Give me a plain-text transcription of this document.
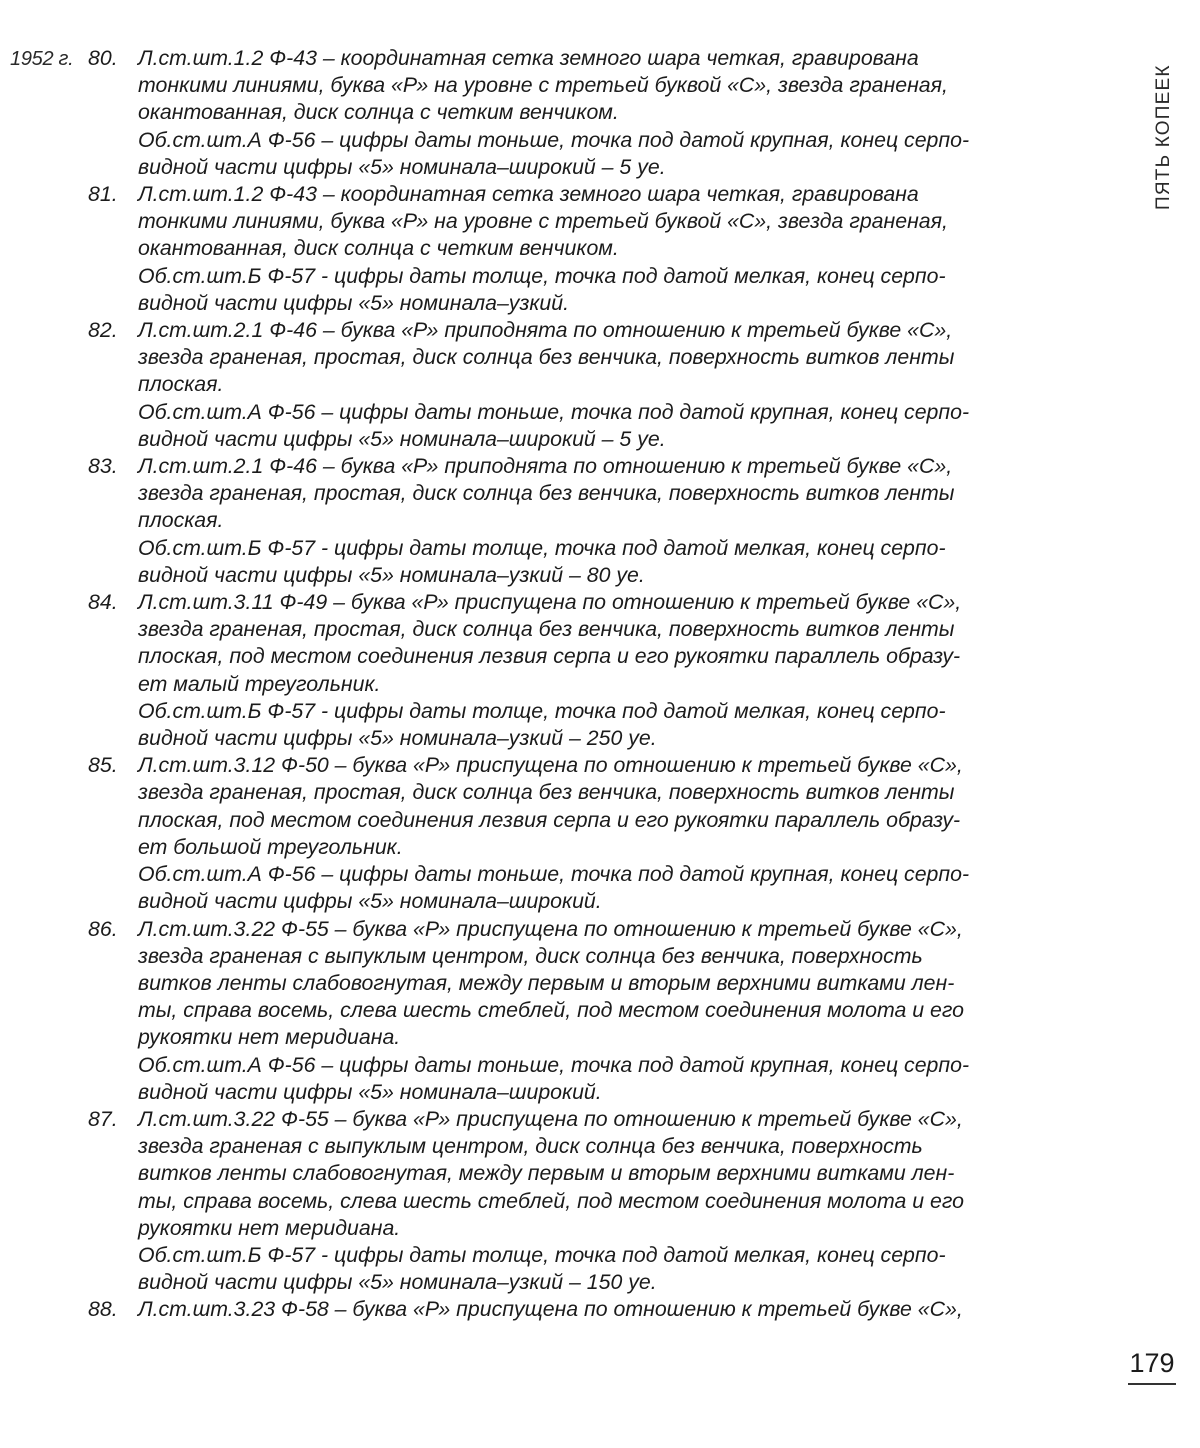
1952 г.
ПЯТЬ КОПЕЕК
80. Л.ст.шт.1.2 Ф-43 – координатная сетка земного шара четкая, гравирована
тонкими линиями, буква «Р» на уровне с третьей буквой «С», звезда граненая,
окантованная, диск солнца с четким венчиком.
Об.ст.шт.А Ф-56 – цифры даты тоньше, точка под датой крупная, конец серпо-
видной части цифры «5» номинала–широкий – 5 уе.
81. Л.ст.шт.1.2 Ф-43 – координатная сетка земного шара четкая, гравирована
тонкими линиями, буква «Р» на уровне с третьей буквой «С», звезда граненая,
окантованная, диск солнца с четким венчиком.
Об.ст.шт.Б Ф-57 - цифры даты толще, точка под датой мелкая, конец серпо-
видной части цифры «5» номинала–узкий.
82. Л.ст.шт.2.1 Ф-46 – буква «Р» приподнята по отношению к третьей букве «С»,
звезда граненая, простая, диск солнца без венчика, поверхность витков ленты
плоская.
Об.ст.шт.А Ф-56 – цифры даты тоньше, точка под датой крупная, конец серпо-
видной части цифры «5» номинала–широкий – 5 уе.
83. Л.ст.шт.2.1 Ф-46 – буква «Р» приподнята по отношению к третьей букве «С»,
звезда граненая, простая, диск солнца без венчика, поверхность витков ленты
плоская.
Об.ст.шт.Б Ф-57 - цифры даты толще, точка под датой мелкая, конец серпо-
видной части цифры «5» номинала–узкий – 80 уе.
84. Л.ст.шт.3.11 Ф-49 – буква «Р» приспущена по отношению к третьей букве «С»,
звезда граненая, простая, диск солнца без венчика, поверхность витков ленты
плоская, под местом соединения лезвия серпа и его рукоятки параллель образу-
ет малый треугольник.
Об.ст.шт.Б Ф-57 - цифры даты толще, точка под датой мелкая, конец серпо-
видной части цифры «5» номинала–узкий – 250 уе.
85. Л.ст.шт.3.12 Ф-50 – буква «Р» приспущена по отношению к третьей букве «С»,
звезда граненая, простая, диск солнца без венчика, поверхность витков ленты
плоская, под местом соединения лезвия серпа и его рукоятки параллель образу-
ет большой треугольник.
Об.ст.шт.А Ф-56 – цифры даты тоньше, точка под датой крупная, конец серпо-
видной части цифры «5» номинала–широкий.
86. Л.ст.шт.3.22 Ф-55 – буква «Р» приспущена по отношению к третьей букве «С»,
звезда граненая с выпуклым центром, диск солнца без венчика, поверхность
витков ленты слабовогнутая, между первым и вторым верхними витками лен-
ты, справа восемь, слева шесть стеблей, под местом соединения молота и его
рукоятки нет меридиана.
Об.ст.шт.А Ф-56 – цифры даты тоньше, точка под датой крупная, конец серпо-
видной части цифры «5» номинала–широкий.
87. Л.ст.шт.3.22 Ф-55 – буква «Р» приспущена по отношению к третьей букве «С»,
звезда граненая с выпуклым центром, диск солнца без венчика, поверхность
витков ленты слабовогнутая, между первым и вторым верхними витками лен-
ты, справа восемь, слева шесть стеблей, под местом соединения молота и его
рукоятки нет меридиана.
Об.ст.шт.Б Ф-57 - цифры даты толще, точка под датой мелкая, конец серпо-
видной части цифры «5» номинала–узкий – 150 уе.
88. Л.ст.шт.3.23 Ф-58 – буква «Р» приспущена по отношению к третьей букве «С»,
179
